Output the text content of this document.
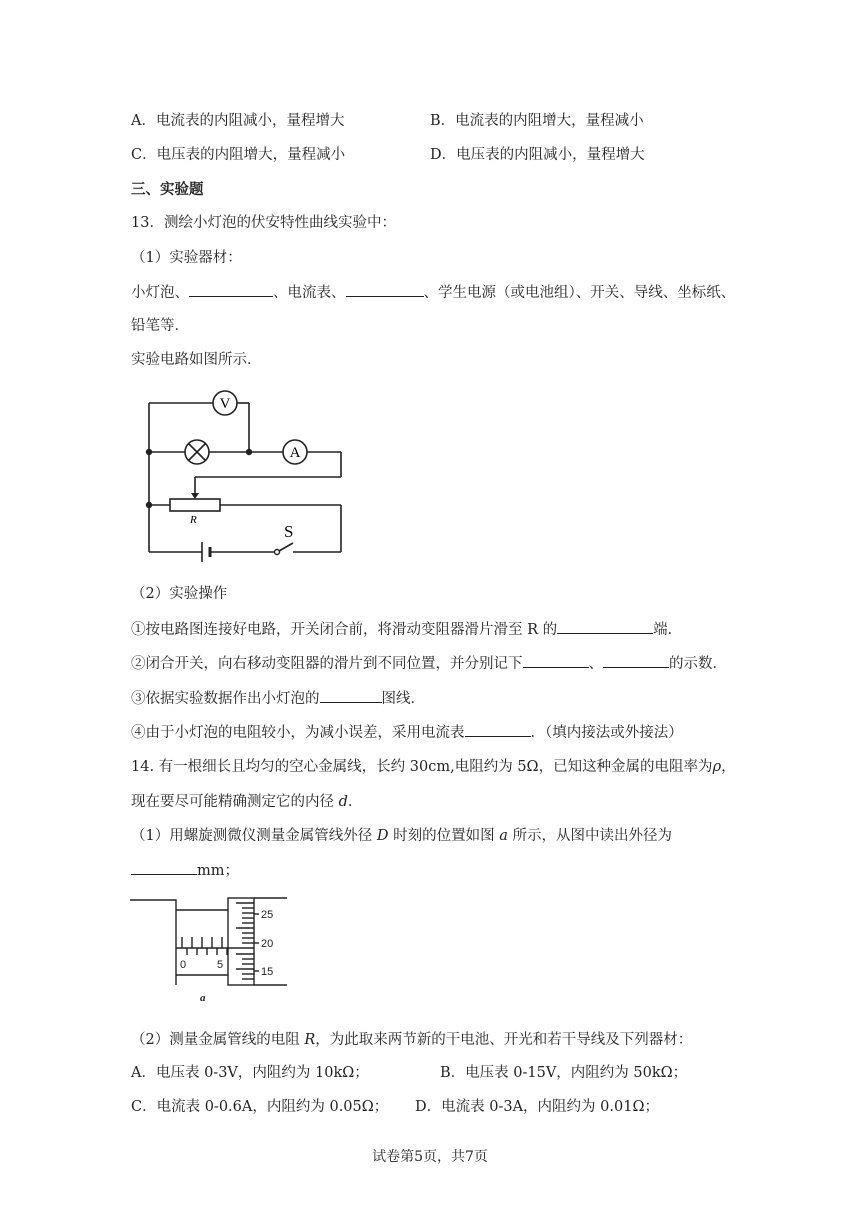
A．电流表的内阻减小，量程增大	B．电流表的内阻增大，量程减小
C．电压表的内阻增大，量程减小	D．电压表的内阻减小，量程增大
三、实验题
13．测绘小灯泡的伏安特性曲线实验中：
（1）实验器材：
小灯泡、	、电流表、	、学生电源（或电池组）、开关、导线、坐标纸、
铅笔等．
实验电路如图所示．
V
A
R
S
（2）实验操作
①按电路图连接好电路，开关闭合前，将滑动变阻器滑片滑至 R 的	端．
②闭合开关，向右移动变阻器的滑片到不同位置，并分别记下	、	的示数．
③依据实验数据作出小灯泡的	图线．
④由于小灯泡的电阻较小，为减小误差，采用电流表	．（填内接法或外接法）
14. 有一根细长且均匀的空心金属线，长约 30cm,电阻约为 5Ω，已知这种金属的电阻率为ρ，
现在要尽可能精确测定它的内径 d．
（1）用螺旋测微仪测量金属管线外径 D 时刻的位置如图 a 所示，从图中读出外径为
mm；
25
20
15
0	5
a
（2）测量金属管线的电阻 R，为此取来两节新的干电池、开光和若干导线及下列器材：
A．电压表 0-3V，内阻约为 10kΩ；	B．电压表 0-15V，内阻约为 50kΩ；
C．电流表 0-0.6A，内阻约为 0.05Ω； D．电流表 0-3A，内阻约为 0.01Ω；
试卷第5页，共7页
